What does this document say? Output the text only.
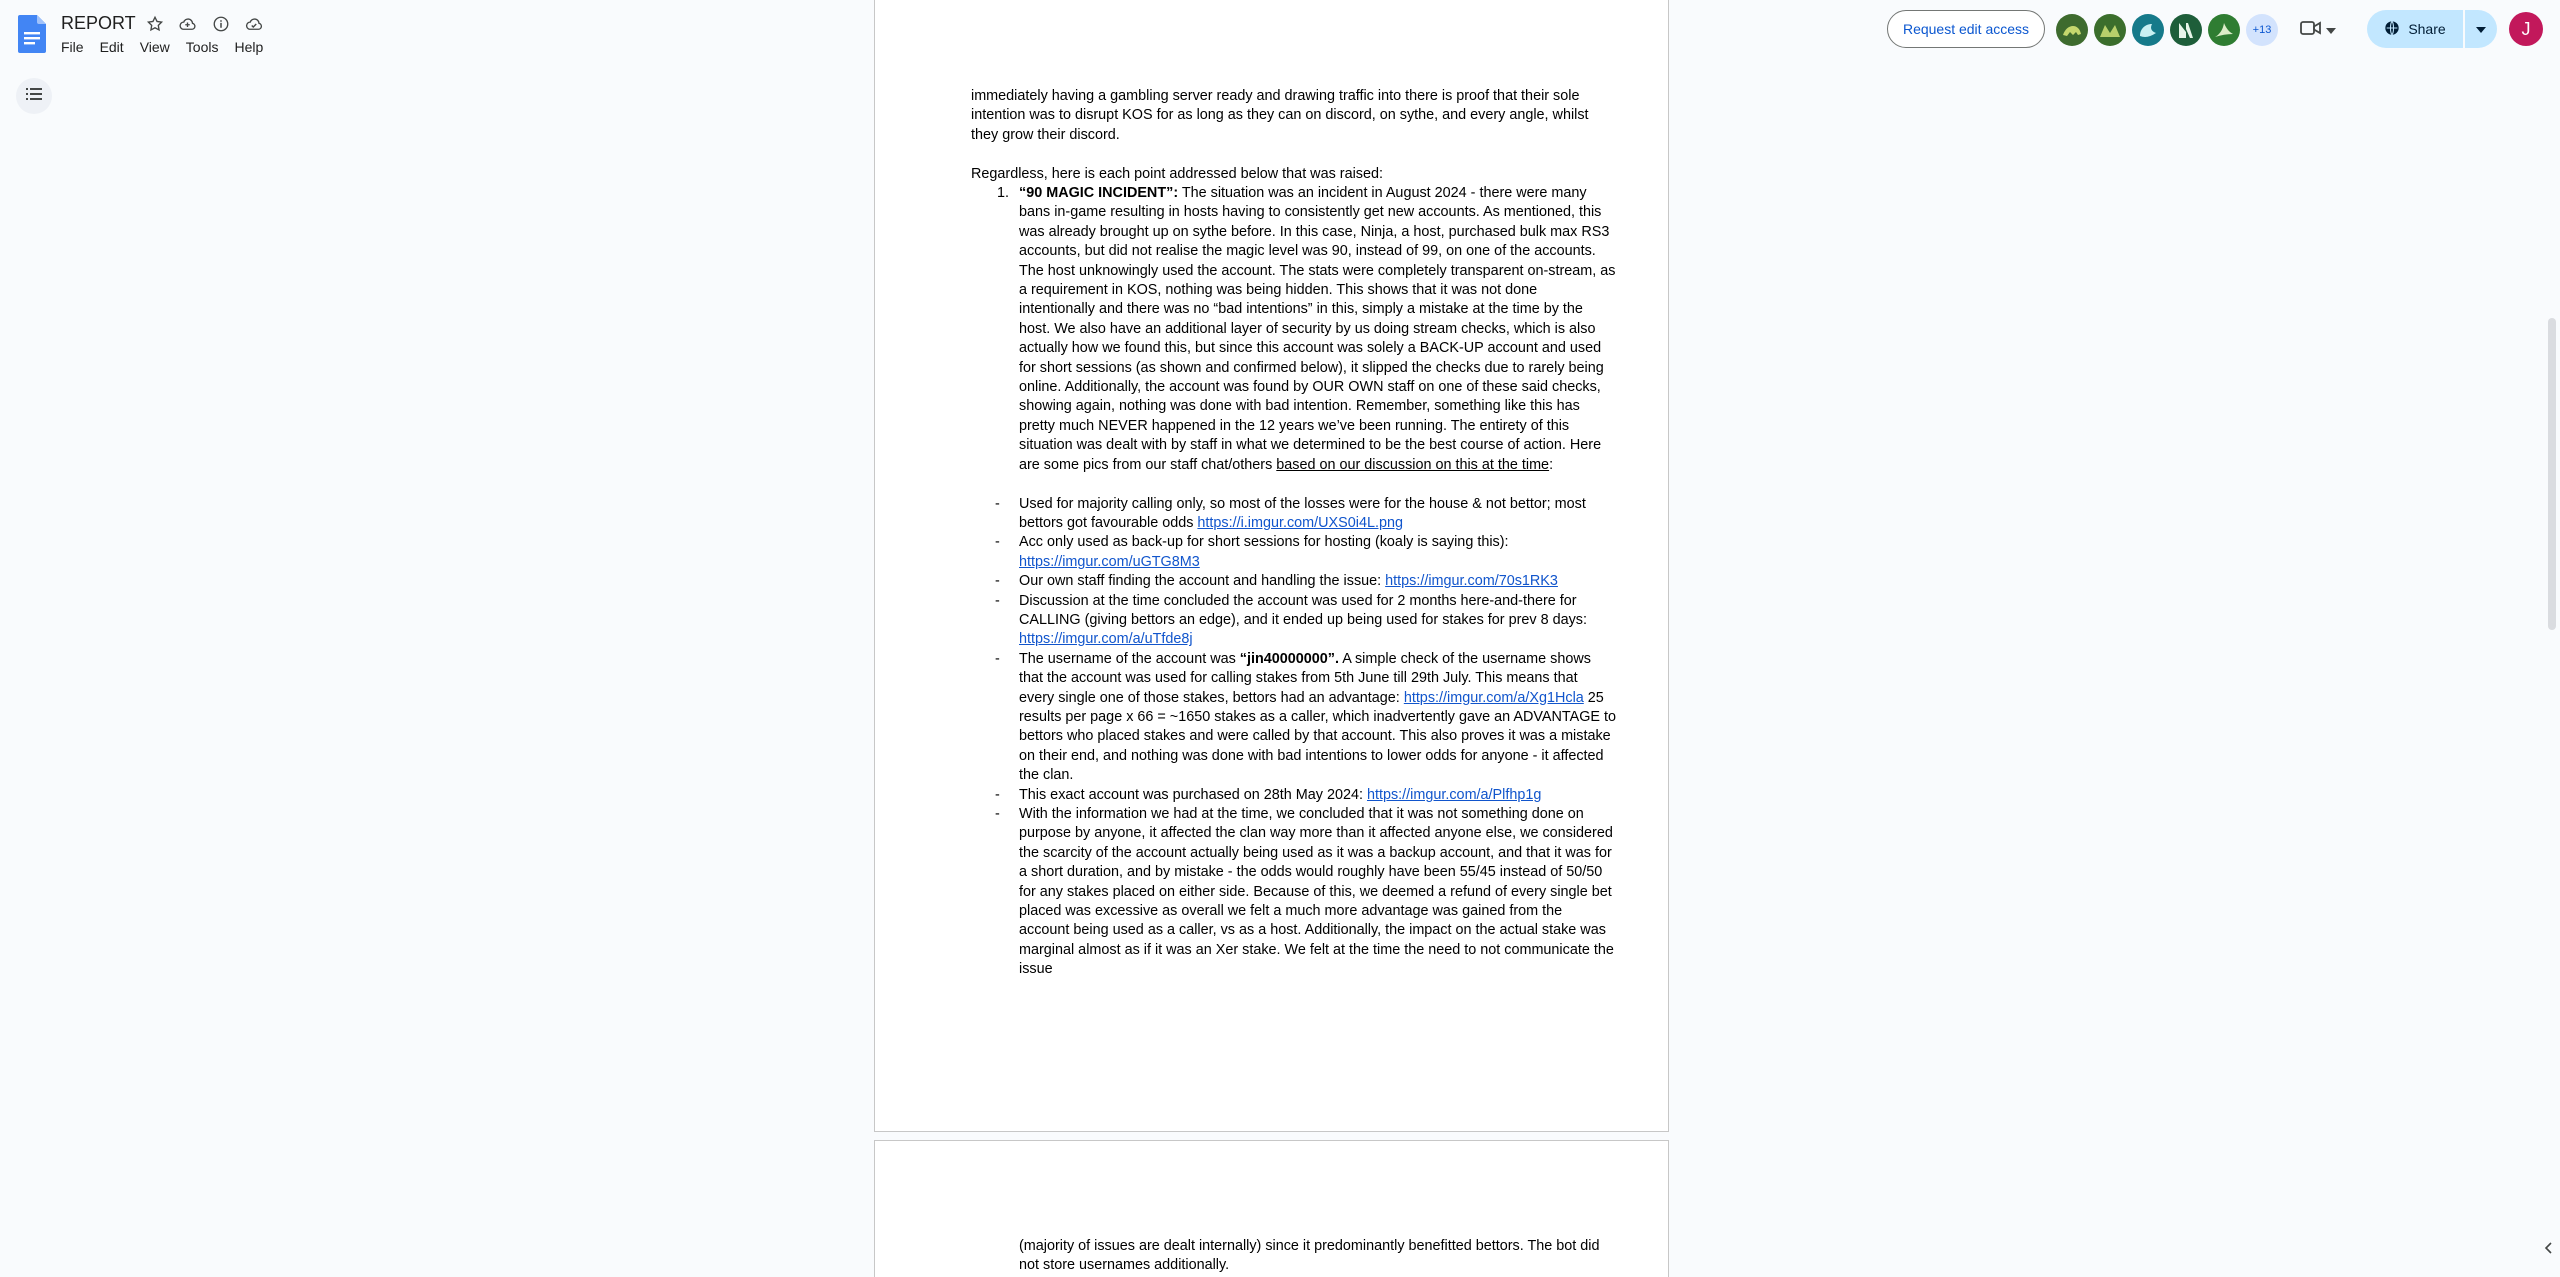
REPORT
File	Edit	View	Tools	Help
Request edit access	+13	Share	J

immediately having a gambling server ready and drawing traffic into there is proof that their sole intention was to disrupt KOS for as long as they can on discord, on sythe, and every angle, whilst they grow their discord.

Regardless, here is each point addressed below that was raised:

1. “90 MAGIC INCIDENT”: The situation was an incident in August 2024 - there were many bans in-game resulting in hosts having to consistently get new accounts. As mentioned, this was already brought up on sythe before. In this case, Ninja, a host, purchased bulk max RS3 accounts, but did not realise the magic level was 90, instead of 99, on one of the accounts. The host unknowingly used the account. The stats were completely transparent on-stream, as a requirement in KOS, nothing was being hidden. This shows that it was not done intentionally and there was no “bad intentions” in this, simply a mistake at the time by the host. We also have an additional layer of security by us doing stream checks, which is also actually how we found this, but since this account was solely a BACK-UP account and used for short sessions (as shown and confirmed below), it slipped the checks due to rarely being online. Additionally, the account was found by OUR OWN staff on one of these said checks, showing again, nothing was done with bad intention. Remember, something like this has pretty much NEVER happened in the 12 years we’ve been running. The entirety of this situation was dealt with by staff in what we determined to be the best course of action. Here are some pics from our staff chat/others based on our discussion on this at the time:

- Used for majority calling only, so most of the losses were for the house & not bettor; most bettors got favourable odds https://i.imgur.com/UXS0i4L.png

- Acc only used as back-up for short sessions for hosting (koaly is saying this): https://imgur.com/uGTG8M3

- Our own staff finding the account and handling the issue: https://imgur.com/70s1RK3

- Discussion at the time concluded the account was used for 2 months here-and-there for CALLING (giving bettors an edge), and it ended up being used for stakes for prev 8 days: https://imgur.com/a/uTfde8j

- The username of the account was “jin40000000”. A simple check of the username shows that the account was used for calling stakes from 5th June till 29th July. This means that every single one of those stakes, bettors had an advantage: https://imgur.com/a/Xg1Hcla 25 results per page x 66 = ~1650 stakes as a caller, which inadvertently gave an ADVANTAGE to bettors who placed stakes and were called by that account. This also proves it was a mistake on their end, and nothing was done with bad intentions to lower odds for anyone - it affected the clan.

- This exact account was purchased on 28th May 2024: https://imgur.com/a/Plfhp1g

- With the information we had at the time, we concluded that it was not something done on purpose by anyone, it affected the clan way more than it affected anyone else, we considered the scarcity of the account actually being used as it was a backup account, and that it was for a short duration, and by mistake - the odds would roughly have been 55/45 instead of 50/50 for any stakes placed on either side. Because of this, we deemed a refund of every single bet placed was excessive as overall we felt a much more advantage was gained from the account being used as a caller, vs as a host. Additionally, the impact on the actual stake was marginal almost as if it was an Xer stake. We felt at the time the need to not communicate the issue

(majority of issues are dealt internally) since it predominantly benefitted bettors. The bot did not store usernames additionally.
